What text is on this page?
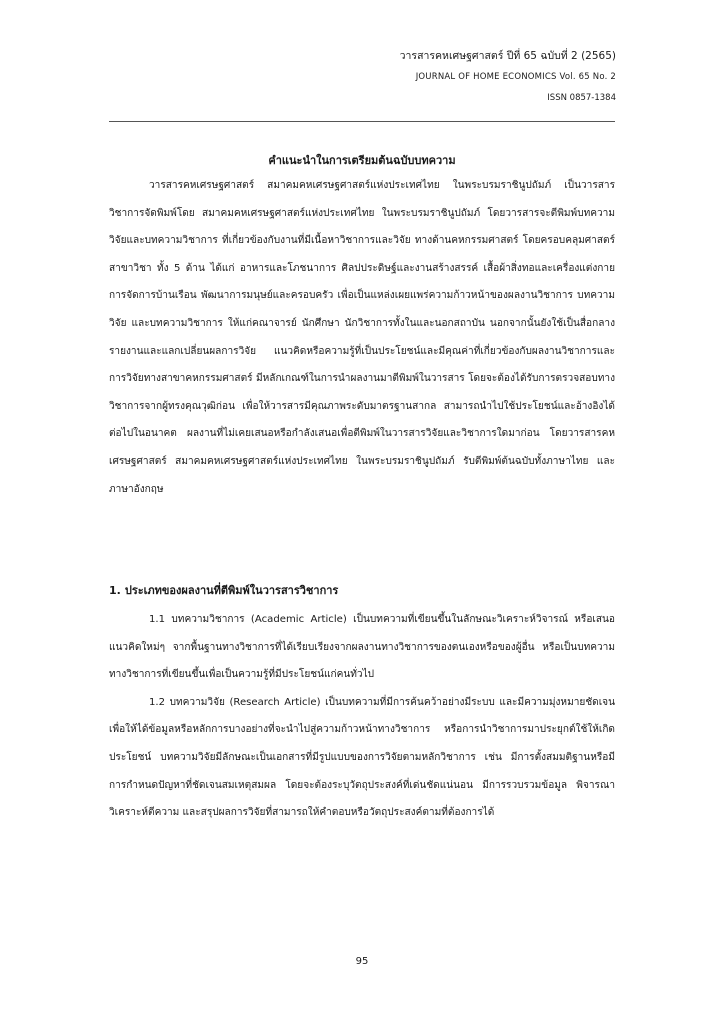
วารสารคหเศษฐศาสตร์ ปีที่ 65 ฉบับที่ 2 (2565)
JOURNAL OF HOME ECONOMICS Vol. 65 No. 2
ISSN 0857-1384
คำแนะนำในการเตรียมต้นฉบับบทความ

วารสารคหเศรษฐศาสตร์ สมาคมคหเศรษฐศาสตร์แห่งประเทศไทย ในพระบรมราชินูปถัมภ์ เป็นวารสารวิชาการจัดพิมพ์โดย สมาคมคหเศรษฐศาสตร์แห่งประเทศไทย ในพระบรมราชินูปถัมภ์ โดยวารสารจะตีพิมพ์บทความวิจัยและบทความวิชาการ ที่เกี่ยวข้องกับงานที่มีเนื้อหาวิชาการและวิจัย ทางด้านคหกรรมศาสตร์ โดยครอบคลุมศาสตร์สาขาวิชา ทั้ง 5 ด้าน ได้แก่ อาหารและโภชนาการ ศิลปประดิษฐ์และงานสร้างสรรค์ เสื้อผ้าสิ่งทอและเครื่องแต่งกาย การจัดการบ้านเรือน พัฒนาการมนุษย์และครอบครัว เพื่อเป็นแหล่งเผยแพร่ความก้าวหน้าของผลงานวิชาการ บทความวิจัย และบทความวิชาการ ให้แก่คณาจารย์ นักศึกษา นักวิชาการทั้งในและนอกสถาบัน นอกจากนั้นยังใช้เป็นสื่อกลางรายงานและแลกเปลี่ยนผลการวิจัย แนวคิดหรือความรู้ที่เป็นประโยชน์และมีคุณค่าที่เกี่ยวข้องกับผลงานวิชาการและการวิจัยทางสาขาคหกรรมศาสตร์ มีหลักเกณฑ์ในการนำผลงานมาตีพิมพ์ในวารสาร โดยจะต้องได้รับการตรวจสอบทางวิชาการจากผู้ทรงคุณวุฒิก่อน เพื่อให้วารสารมีคุณภาพระดับมาตรฐานสากล สามารถนำไปใช้ประโยชน์และอ้างอิงได้ต่อไปในอนาคต ผลงานที่ไม่เคยเสนอหรือกำลังเสนอเพื่อตีพิมพ์ในวารสารวิจัยและวิชาการใดมาก่อน โดยวารสารคหเศรษฐศาสตร์ สมาคมคหเศรษฐศาสตร์แห่งประเทศไทย ในพระบรมราชินูปถัมภ์ รับตีพิมพ์ต้นฉบับทั้งภาษาไทย และภาษาอังกฤษ

1. ประเภทของผลงานที่ตีพิมพ์ในวารสารวิชาการ

1.1 บทความวิชาการ (Academic Article) เป็นบทความที่เขียนขึ้นในลักษณะวิเคราะห์วิจารณ์ หรือเสนอแนวคิดใหม่ๆ จากพื้นฐานทางวิชาการที่ได้เรียบเรียงจากผลงานทางวิชาการของตนเองหรือของผู้อื่น หรือเป็นบทความทางวิชาการที่เขียนขึ้นเพื่อเป็นความรู้ที่มีประโยชน์แก่คนทั่วไป

1.2 บทความวิจัย (Research Article) เป็นบทความที่มีการค้นคว้าอย่างมีระบบ และมีความมุ่งหมายชัดเจนเพื่อให้ได้ข้อมูลหรือหลักการบางอย่างที่จะนำไปสู่ความก้าวหน้าทางวิชาการ หรือการนำวิชาการมาประยุกต์ใช้ให้เกิดประโยชน์ บทความวิจัยมีลักษณะเป็นเอกสารที่มีรูปแบบของการวิจัยตามหลักวิชาการ เช่น มีการตั้งสมมติฐานหรือมีการกำหนดปัญหาที่ชัดเจนสมเหตุสมผล โดยจะต้องระบุวัตถุประสงค์ที่เด่นชัดแน่นอน มีการรวบรวมข้อมูล พิจารณาวิเคราะห์ตีความ และสรุปผลการวิจัยที่สามารถให้คำตอบหรือวัตถุประสงค์ตามที่ต้องการได้

95
